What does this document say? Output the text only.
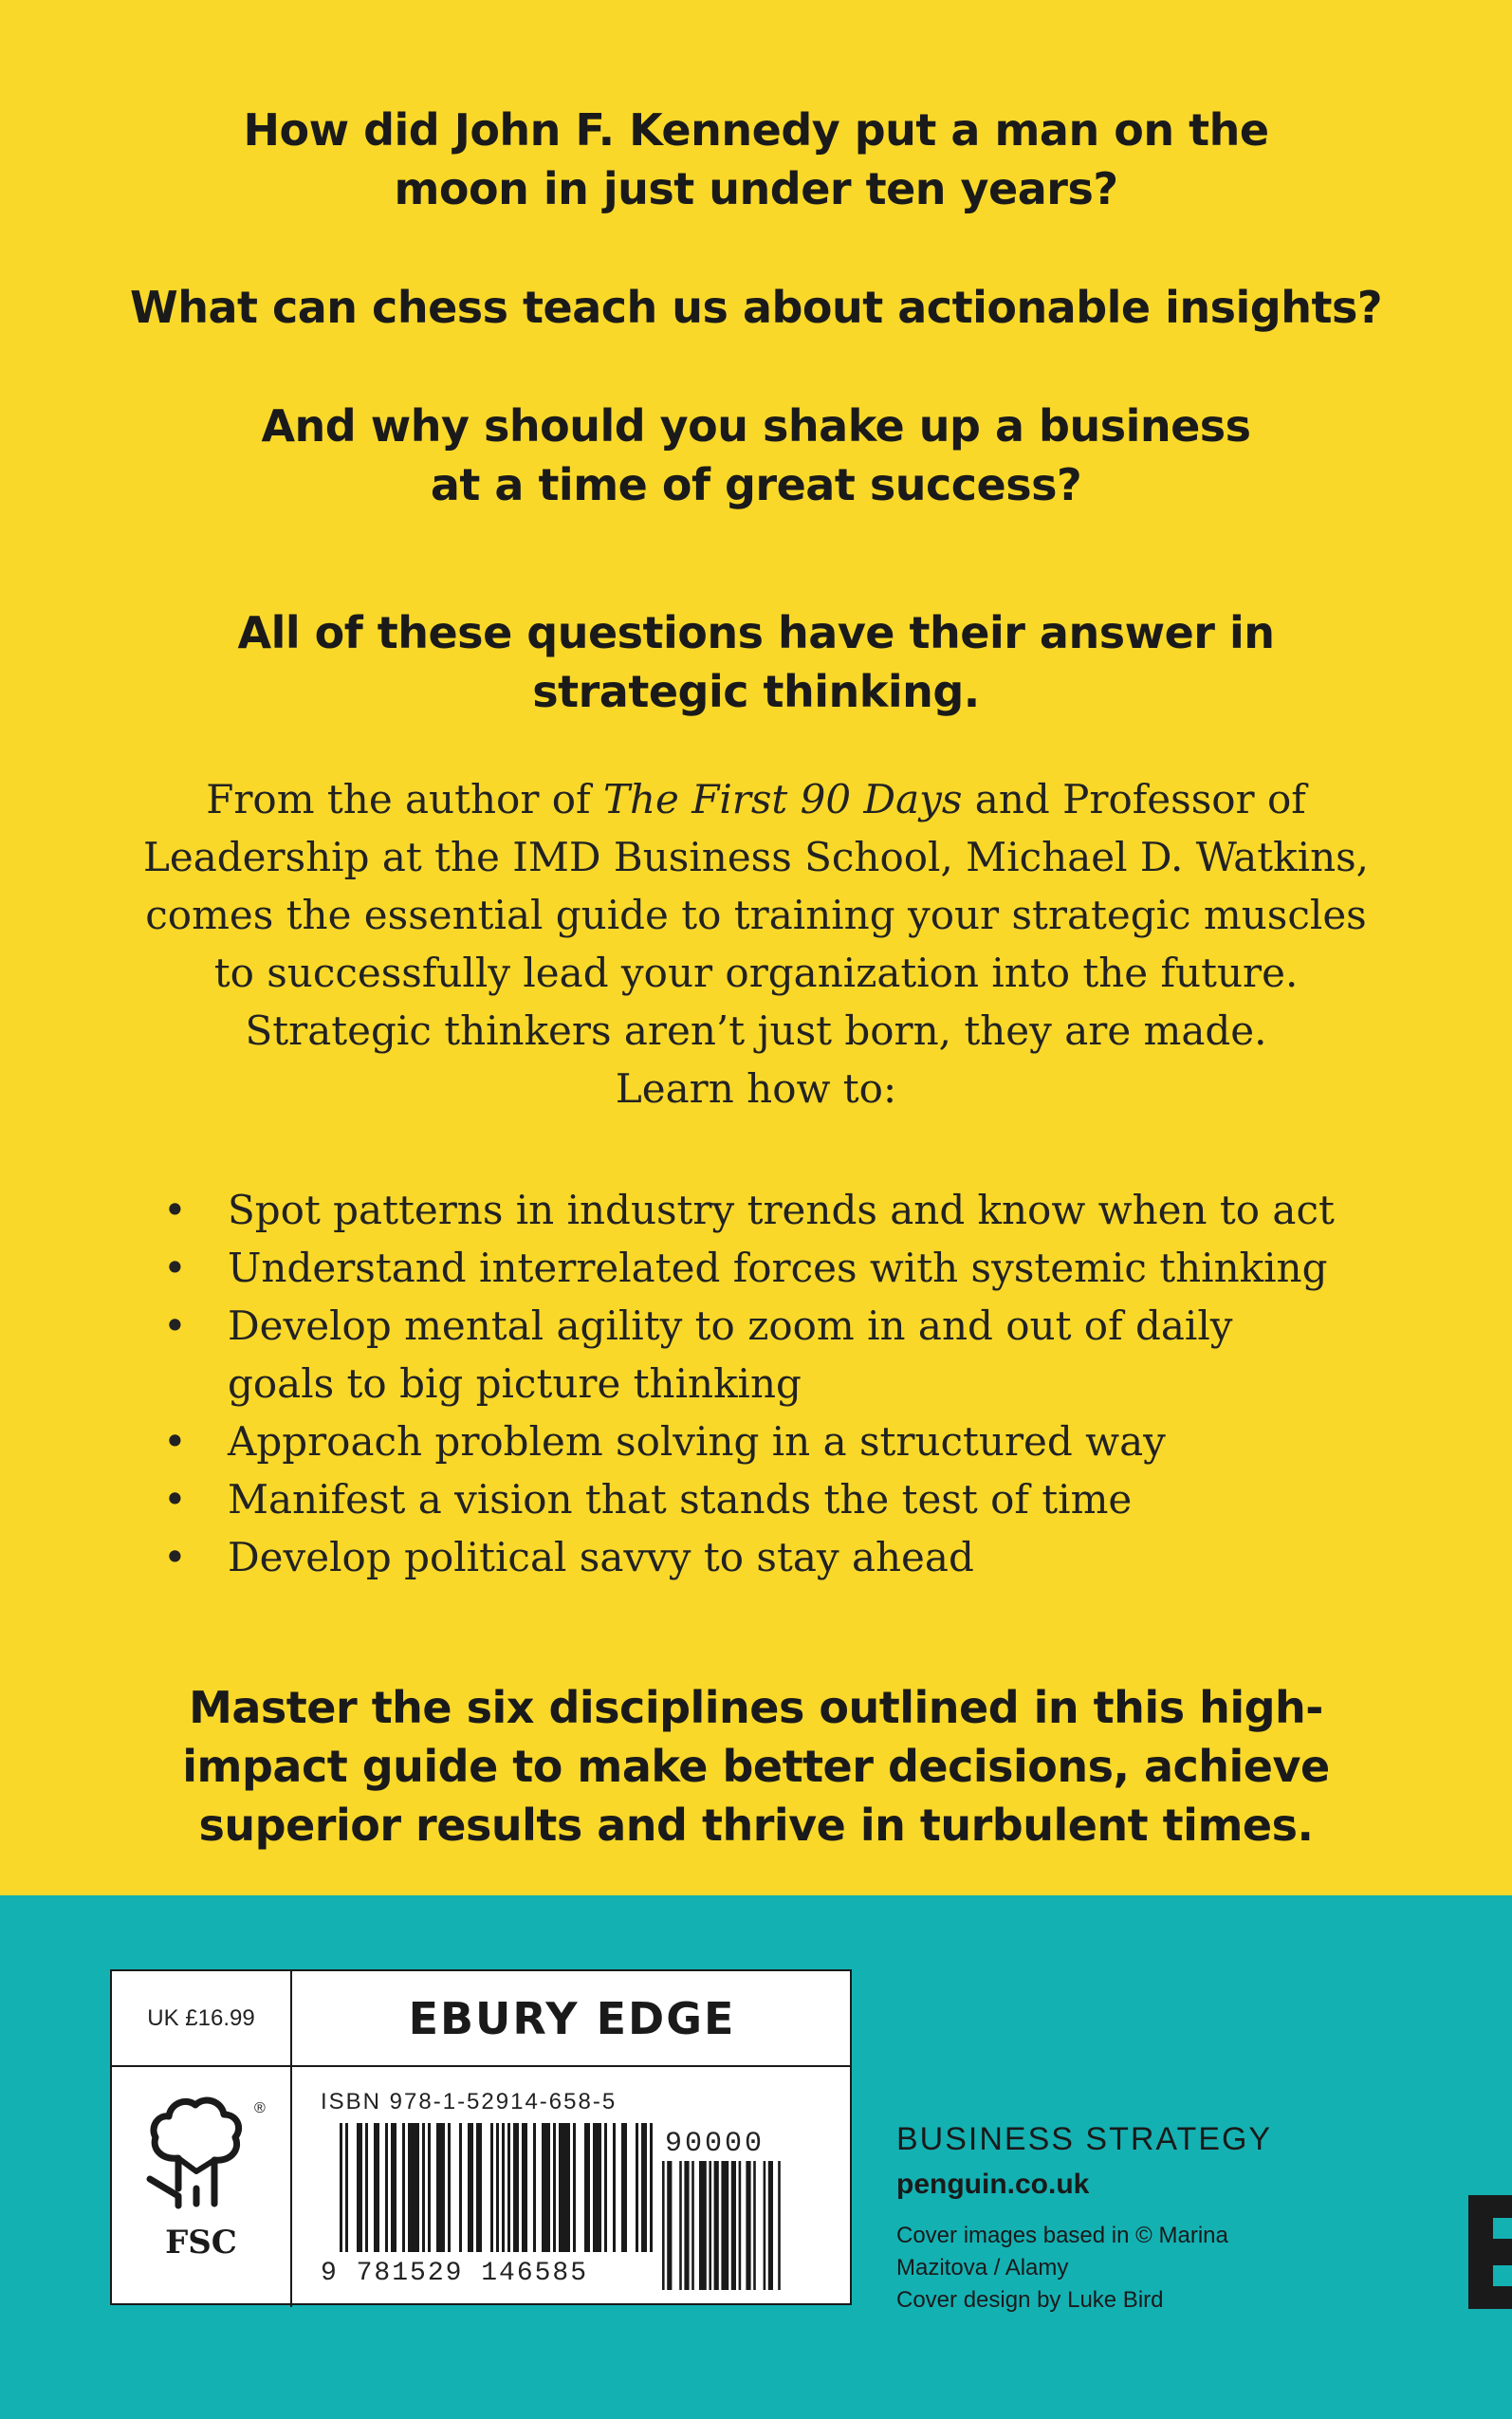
How did John F. Kennedy put a man on the
moon in just under ten years?
What can chess teach us about actionable insights?
And why should you shake up a business
at a time of great success?
All of these questions have their answer in
strategic thinking.
From the author of The First 90 Days and Professor of
Leadership at the IMD Business School, Michael D. Watkins,
comes the essential guide to training your strategic muscles
to successfully lead your organization into the future.
Strategic thinkers aren’t just born, they are made.
Learn how to:
• Spot patterns in industry trends and know when to act
• Understand interrelated forces with systemic thinking
• Develop mental agility to zoom in and out of daily
goals to big picture thinking
• Approach problem solving in a structured way
• Manifest a vision that stands the test of time
• Develop political savvy to stay ahead
Master the six disciplines outlined in this high-
impact guide to make better decisions, achieve
superior results and thrive in turbulent times.
UK £16.99	EBURY EDGE
®
FSC
ISBN 978-1-52914-658-5
90000
9 781529 146585
BUSINESS STRATEGY
penguin.co.uk
Cover images based in © Marina
Mazitova / Alamy
Cover design by Luke Bird
